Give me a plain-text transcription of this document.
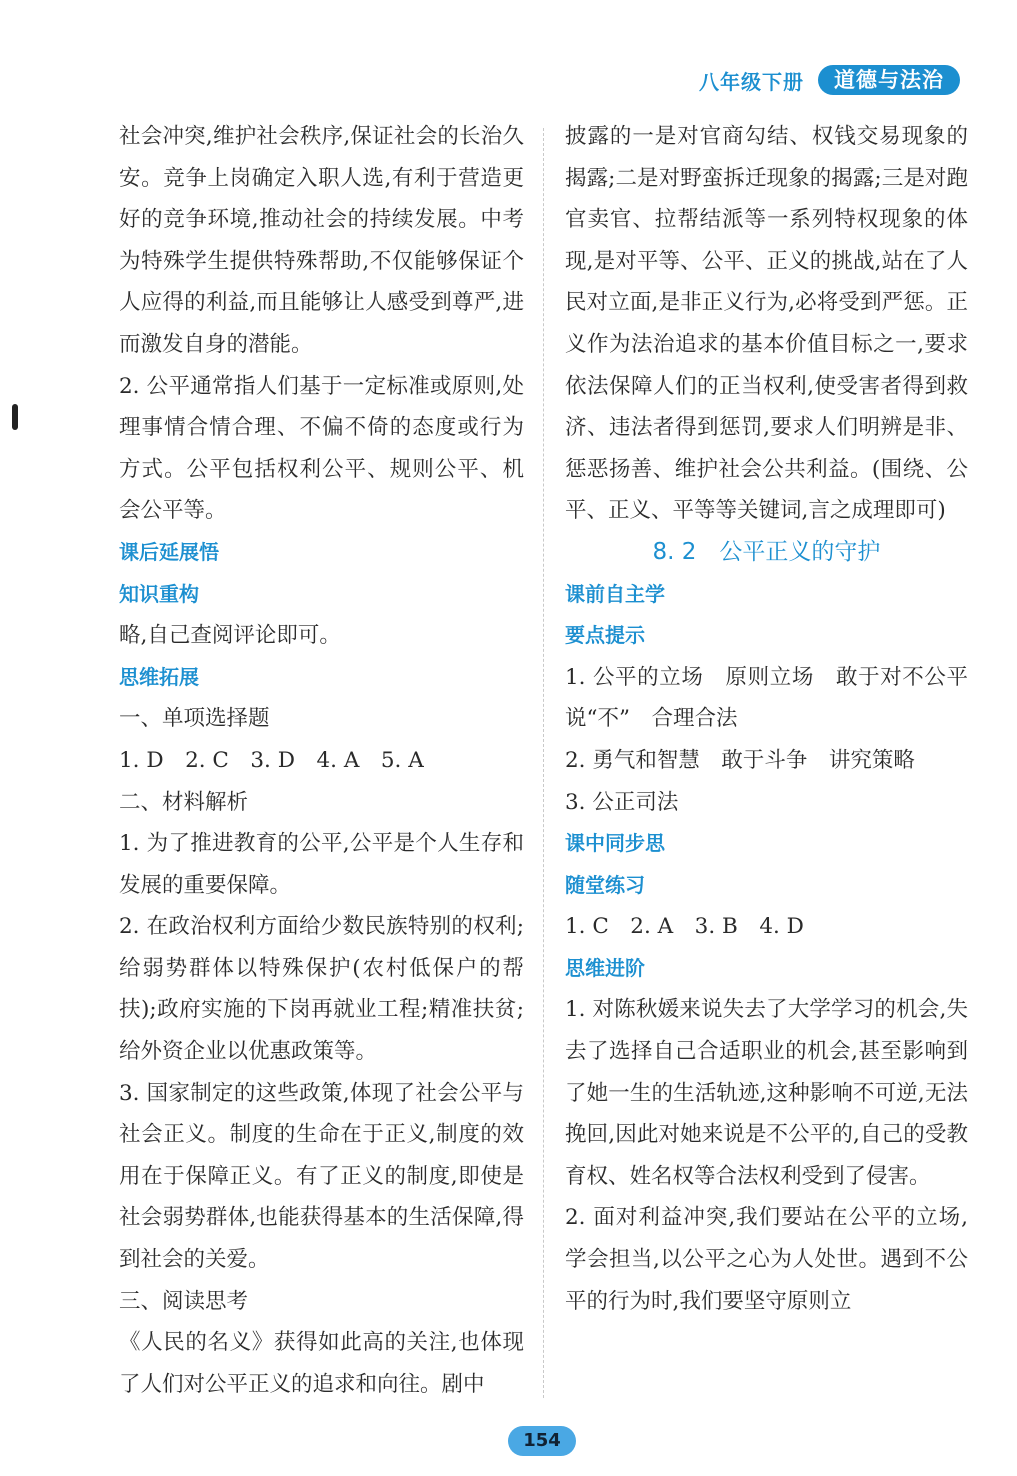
八年级下册	道德与法治
社会冲突,维护社会秩序,保证社会的长治久安。竞争上岗确定入职人选,有利于营造更好的竞争环境,推动社会的持续发展。中考为特殊学生提供特殊帮助,不仅能够保证个人应得的利益,而且能够让人感受到尊严,进而激发自身的潜能。
2. 公平通常指人们基于一定标准或原则,处理事情合情合理、不偏不倚的态度或行为方式。公平包括权利公平、规则公平、机会公平等。
课后延展悟
知识重构
略,自己查阅评论即可。
思维拓展
一、单项选择题
1. D　2. C　3. D　4. A　5. A
二、材料解析
1. 为了推进教育的公平,公平是个人生存和发展的重要保障。
2. 在政治权利方面给少数民族特别的权利;给弱势群体以特殊保护(农村低保户的帮扶);政府实施的下岗再就业工程;精准扶贫;给外资企业以优惠政策等。
3. 国家制定的这些政策,体现了社会公平与社会正义。制度的生命在于正义,制度的效用在于保障正义。有了正义的制度,即使是社会弱势群体,也能获得基本的生活保障,得到社会的关爱。
三、阅读思考
《人民的名义》获得如此高的关注,也体现了人们对公平正义的追求和向往。剧中
披露的一是对官商勾结、权钱交易现象的揭露;二是对野蛮拆迁现象的揭露;三是对跑官卖官、拉帮结派等一系列特权现象的体现,是对平等、公平、正义的挑战,站在了人民对立面,是非正义行为,必将受到严惩。正义作为法治追求的基本价值目标之一,要求依法保障人们的正当权利,使受害者得到救济、违法者得到惩罚,要求人们明辨是非、惩恶扬善、维护社会公共利益。(围绕、公平、正义、平等等关键词,言之成理即可)
8. 2　公平正义的守护
课前自主学
要点提示
1. 公平的立场　原则立场　敢于对不公平说“不”　合理合法
2. 勇气和智慧　敢于斗争　讲究策略
3. 公正司法
课中同步思
随堂练习
1. C　2. A　3. B　4. D
思维进阶
1. 对陈秋媛来说失去了大学学习的机会,失去了选择自己合适职业的机会,甚至影响到了她一生的生活轨迹,这种影响不可逆,无法挽回,因此对她来说是不公平的,自己的受教育权、姓名权等合法权利受到了侵害。
2. 面对利益冲突,我们要站在公平的立场,学会担当,以公平之心为人处世。遇到不公平的行为时,我们要坚守原则立
154
